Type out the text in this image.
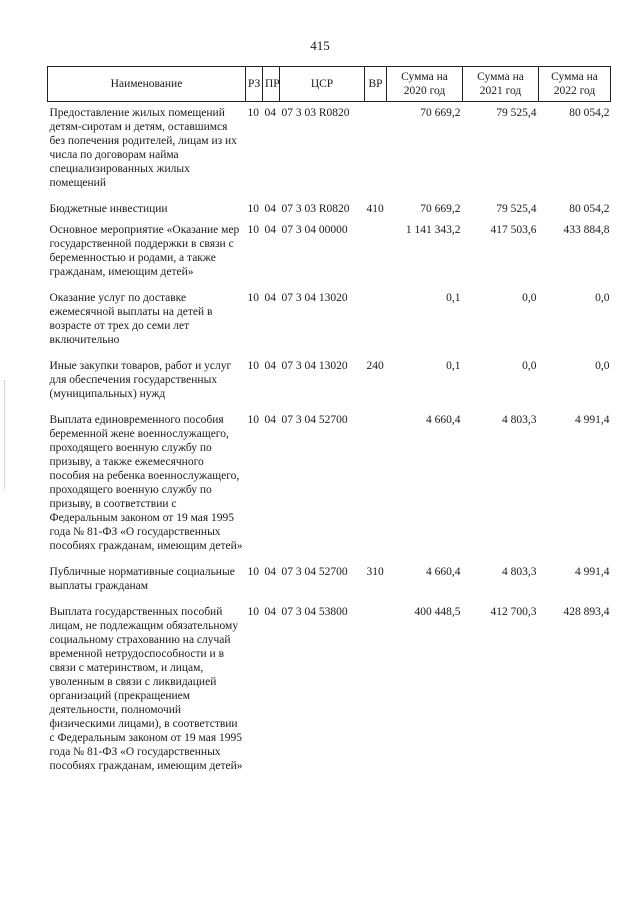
415
Наименование	РЗ	ПР	ЦСР	ВР	Сумма на 2020 год	Сумма на 2021 год	Сумма на 2022 год
Предоставление жилых помещений детям-сиротам и детям, оставшимся без попечения родителей, лицам из их числа по договорам найма специализированных жилых помещений	10	04	07 3 03 R0820		70 669,2	79 525,4	80 054,2
Бюджетные инвестиции	10	04	07 3 03 R0820	410	70 669,2	79 525,4	80 054,2
Основное мероприятие «Оказание мер государственной поддержки в связи с беременностью и родами, а также гражданам, имеющим детей»	10	04	07 3 04 00000		1 141 343,2	417 503,6	433 884,8
Оказание услуг по доставке ежемесячной выплаты на детей в возрасте от трех до семи лет включительно	10	04	07 3 04 13020		0,1	0,0	0,0
Иные закупки товаров, работ и услуг для обеспечения государственных (муниципальных) нужд	10	04	07 3 04 13020	240	0,1	0,0	0,0
Выплата единовременного пособия беременной жене военнослужащего, проходящего военную службу по призыву, а также ежемесячного пособия на ребенка военнослужащего, проходящего военную службу по призыву, в соответствии с Федеральным законом от 19 мая 1995 года № 81-ФЗ «О государственных пособиях гражданам, имеющим детей»	10	04	07 3 04 52700		4 660,4	4 803,3	4 991,4
Публичные нормативные социальные выплаты гражданам	10	04	07 3 04 52700	310	4 660,4	4 803,3	4 991,4
Выплата государственных пособий лицам, не подлежащим обязательному социальному страхованию на случай временной нетрудоспособности и в связи с материнством, и лицам, уволенным в связи с ликвидацией организаций (прекращением деятельности, полномочий физическими лицами), в соответствии с Федеральным законом от 19 мая 1995 года № 81-ФЗ «О государственных пособиях гражданам, имеющим детей»	10	04	07 3 04 53800		400 448,5	412 700,3	428 893,4
